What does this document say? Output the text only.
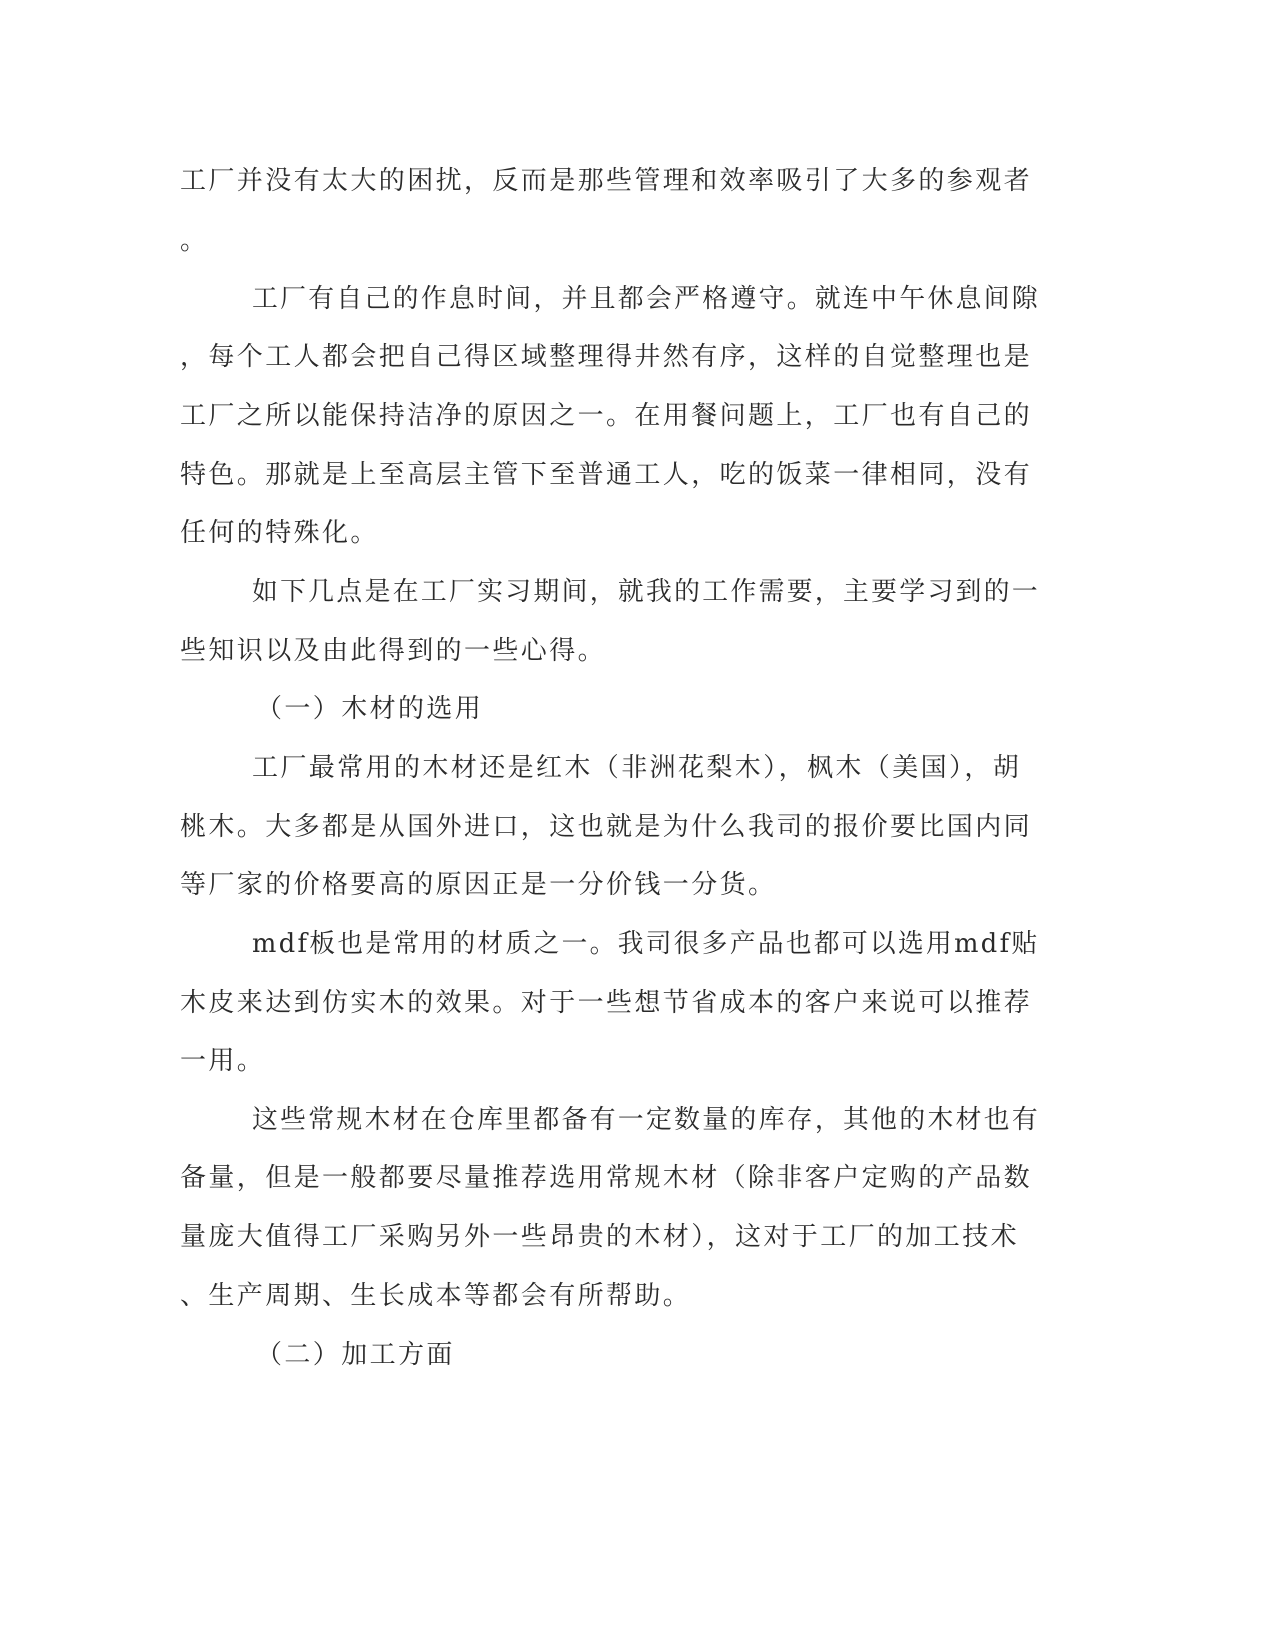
工厂并没有太大的困扰，反而是那些管理和效率吸引了大多的参观者
。
工厂有自己的作息时间，并且都会严格遵守。就连中午休息间隙
，每个工人都会把自己得区域整理得井然有序，这样的自觉整理也是
工厂之所以能保持洁净的原因之一。在用餐问题上，工厂也有自己的
特色。那就是上至高层主管下至普通工人，吃的饭菜一律相同，没有
任何的特殊化。
如下几点是在工厂实习期间，就我的工作需要，主要学习到的一
些知识以及由此得到的一些心得。
（一）木材的选用
工厂最常用的木材还是红木（非洲花梨木），枫木（美国），胡
桃木。大多都是从国外进口，这也就是为什么我司的报价要比国内同
等厂家的价格要高的原因正是一分价钱一分货。
mdf板也是常用的材质之一。我司很多产品也都可以选用mdf贴
木皮来达到仿实木的效果。对于一些想节省成本的客户来说可以推荐
一用。
这些常规木材在仓库里都备有一定数量的库存，其他的木材也有
备量，但是一般都要尽量推荐选用常规木材（除非客户定购的产品数
量庞大值得工厂采购另外一些昂贵的木材），这对于工厂的加工技术
、生产周期、生长成本等都会有所帮助。
（二）加工方面
